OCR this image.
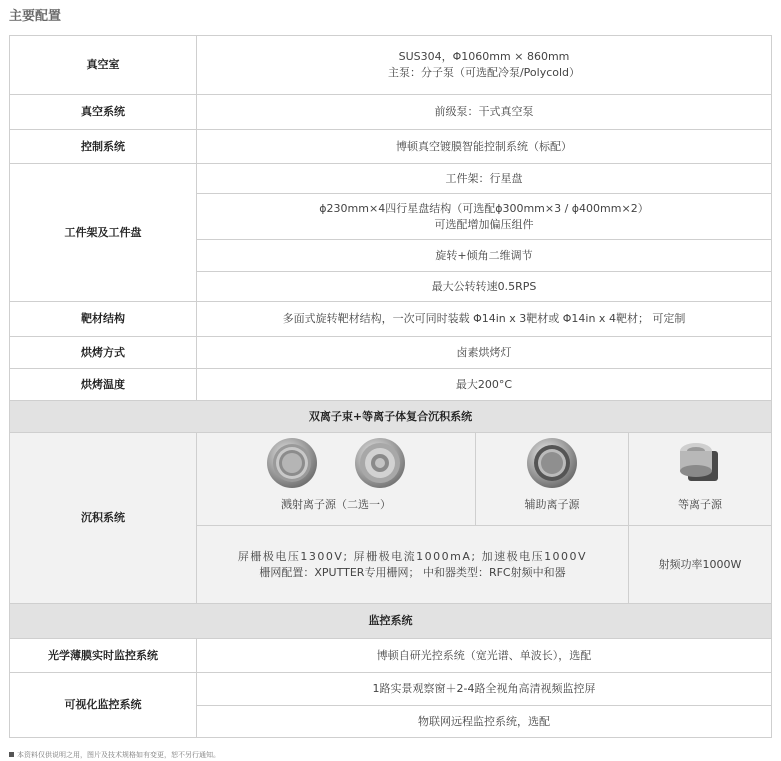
主要配置
真空室	SUS304，Φ1060mm × 860mm
主泵：分子泵（可选配冷泵/Polycold）		

真空系统	前级泵：干式真空泵		
控制系统	博顿真空镀膜智能控制系统（标配）		
工件架及工件盘	工件架：行星盘		

	ϕ230mm×4四行星盘结构（可选配ϕ300mm×3 / ϕ400mm×2）
可选配增加偏压组件		

	旋转+倾角二维调节		
	最大公转转速0.5RPS		
靶材结构	多面式旋转靶材结构，一次可同时装载 Φ14in x 3靶材或 Φ14in x 4靶材； 可定制		
烘烤方式	卤素烘烤灯		
烘烤温度	最大200°C		
双离子束+等离子体复合沉积系统			
沉积系统	溅射离子源（二选一）	辅助离子源	等离子源

	屏栅极电压1300V; 屏栅极电流1000mA; 加速极电压1000V
栅网配置：XPUTTER专用栅网； 中和器类型：RFC射频中和器		射频功率1000W
监控系统			
光学薄膜实时监控系统	博顿自研光控系统（宽光谱、单波长），选配		
可视化监控系统	1路实景观察窗＋2-4路全视角高清视频监控屏		
	物联网远程监控系统，选配		
本资料仅供说明之用，图片及技术规格如有变更，恕不另行通知。
